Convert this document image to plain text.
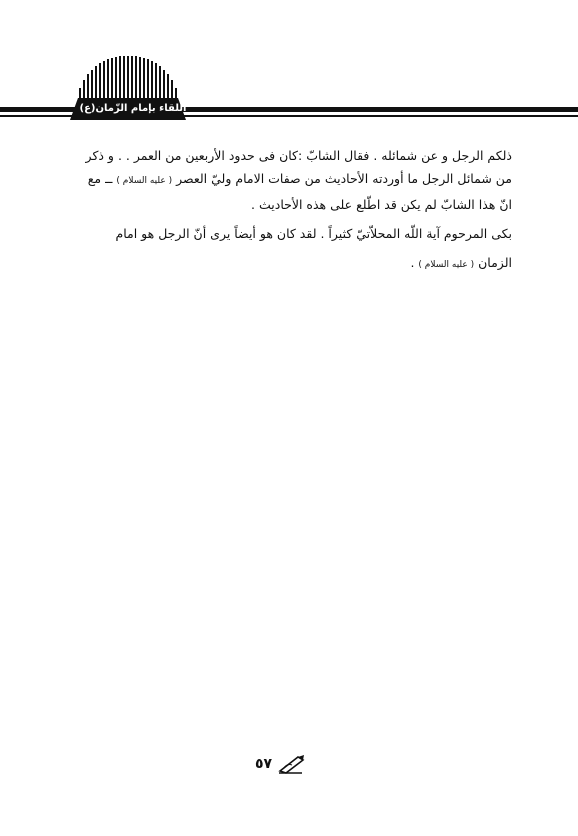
اللقاء بإمام الزّمان(ع)

ذلكم الرجل و عن شمائله . فقال الشابّ :كان فى حدود الأربعين من العمر . . و ذكر

من شمائل الرجل ما أوردته الأحاديث من صفات الامام وليّ العصر ( عليه السلام ) ــ مع

انّ هذا الشابّ لم يكن قد اطّلع على هذه الأحاديث .

بكى المرحوم آية اللّه المحلاّتيّ كثيراً . لقد كان هو أيضاً يرى أنّ الرجل هو امام

الزمان ( عليه السلام ) .

٥٧
